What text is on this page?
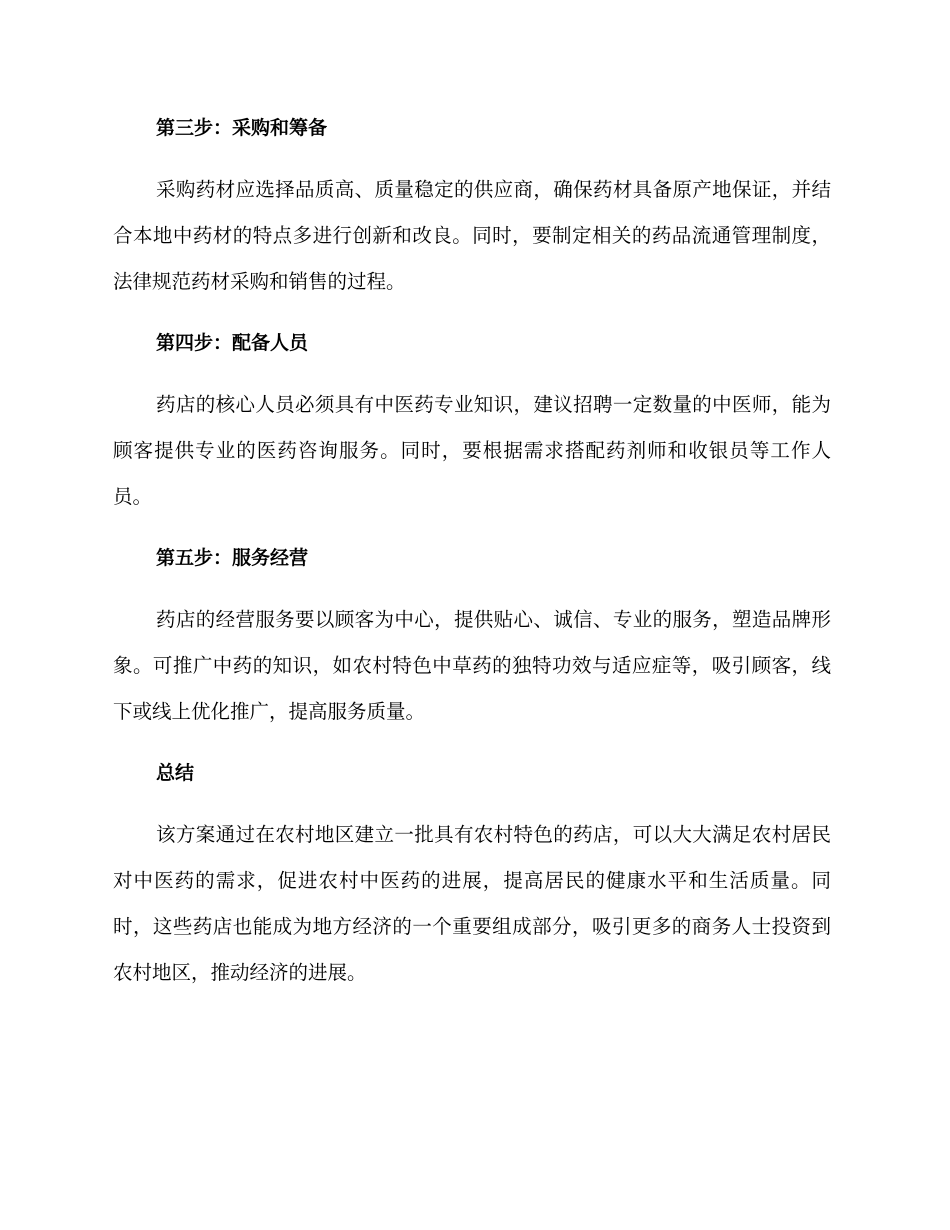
第三步：采购和筹备

采购药材应选择品质高、质量稳定的供应商，确保药材具备原产地保证，并结合本地中药材的特点多进行创新和改良。同时，要制定相关的药品流通管理制度，法律规范药材采购和销售的过程。

第四步：配备人员

药店的核心人员必须具有中医药专业知识，建议招聘一定数量的中医师，能为顾客提供专业的医药咨询服务。同时，要根据需求搭配药剂师和收银员等工作人员。

第五步：服务经营

药店的经营服务要以顾客为中心，提供贴心、诚信、专业的服务，塑造品牌形象。可推广中药的知识，如农村特色中草药的独特功效与适应症等，吸引顾客，线下或线上优化推广，提高服务质量。

总结

该方案通过在农村地区建立一批具有农村特色的药店，可以大大满足农村居民对中医药的需求，促进农村中医药的进展，提高居民的健康水平和生活质量。同时，这些药店也能成为地方经济的一个重要组成部分，吸引更多的商务人士投资到农村地区，推动经济的进展。
